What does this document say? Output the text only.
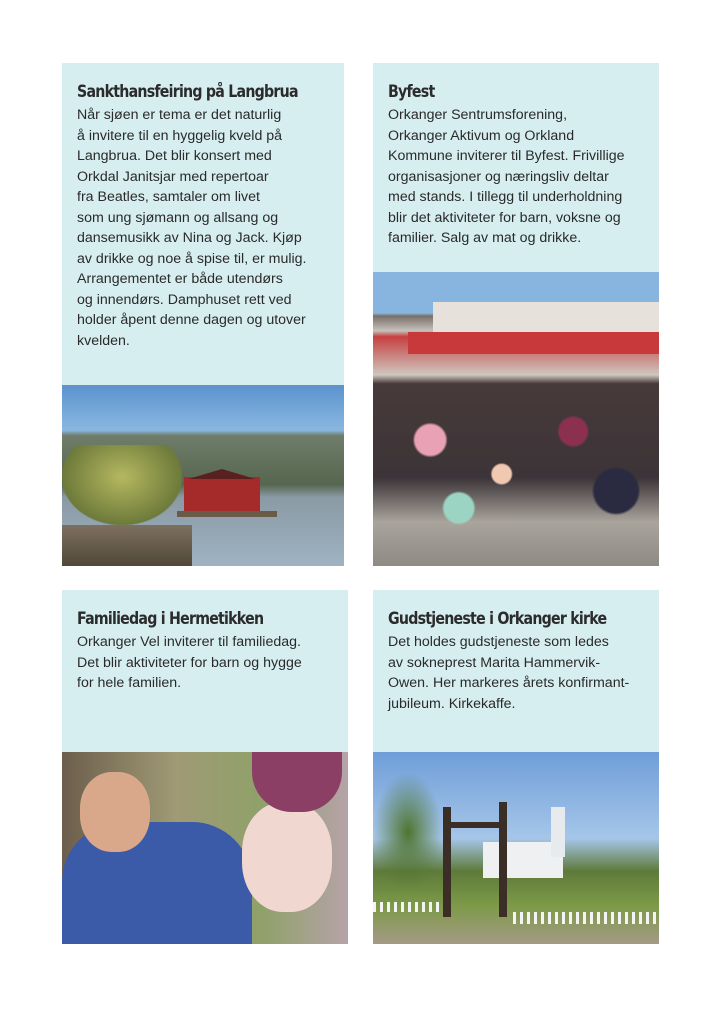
Sankthansfeiring på Langbrua
Når sjøen er tema er det naturlig
å invitere til en hyggelig kveld på
Langbrua. Det blir konsert med
Orkdal Janitsjar med repertoar
fra Beatles, samtaler om livet
som ung sjømann og allsang og
dansemusikk av Nina og Jack. Kjøp
av drikke og noe å spise til, er mulig.
Arrangementet er både utendørs
og innendørs. Damphuset rett ved
holder åpent denne dagen og utover
kvelden.
Byfest
Orkanger Sentrumsforening,
Orkanger Aktivum og Orkland
Kommune inviterer til Byfest. Frivillige
organisasjoner og næringsliv deltar
med stands. I tillegg til underholdning
blir det aktiviteter for barn, voksne og
familier. Salg av mat og drikke.
Familiedag i Hermetikken
Orkanger Vel inviterer til familiedag.
Det blir aktiviteter for barn og hygge
for hele familien.
Gudstjeneste i Orkanger kirke
Det holdes gudstjeneste som ledes
av sokneprest Marita Hammervik-
Owen. Her markeres årets konfirmant-
jubileum. Kirkekaffe.
